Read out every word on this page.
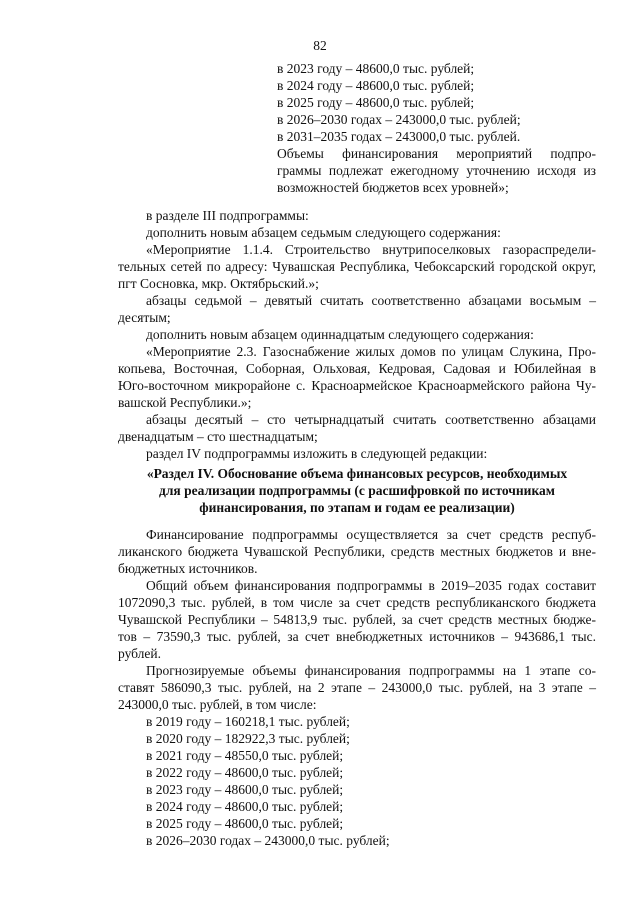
82
в 2023 году – 48600,0 тыс. рублей;
в 2024 году – 48600,0 тыс. рублей;
в 2025 году – 48600,0 тыс. рублей;
в 2026–2030 годах – 243000,0 тыс. рублей;
в 2031–2035 годах – 243000,0 тыс. рублей.
Объемы финансирования мероприятий подпро-
граммы подлежат ежегодному уточнению исходя из
возможностей бюджетов всех уровней»;
в разделе III подпрограммы:
дополнить новым абзацем седьмым следующего содержания:
«Мероприятие 1.1.4. Строительство внутрипоселковых газораспредели-
тельных сетей по адресу: Чувашская Республика, Чебоксарский городской округ,
пгт Сосновка, мкр. Октябрьский.»;
абзацы седьмой – девятый считать соответственно абзацами восьмым –
десятым;
дополнить новым абзацем одиннадцатым следующего содержания:
«Мероприятие 2.3. Газоснабжение жилых домов по улицам Слукина, Про-
копьева, Восточная, Соборная, Ольховая, Кедровая, Садовая и Юбилейная в
Юго-восточном микрорайоне с. Красноармейское Красноармейского района Чу-
вашской Республики.»;
абзацы десятый – сто четырнадцатый считать соответственно абзацами
двенадцатым – сто шестнадцатым;
раздел IV подпрограммы изложить в следующей редакции:
«Раздел IV. Обоснование объема финансовых ресурсов, необходимых
для реализации подпрограммы (с расшифровкой по источникам
финансирования, по этапам и годам ее реализации)
Финансирование подпрограммы осуществляется за счет средств респуб-
ликанского бюджета Чувашской Республики, средств местных бюджетов и вне-
бюджетных источников.
Общий объем финансирования подпрограммы в 2019–2035 годах составит
1072090,3 тыс. рублей, в том числе за счет средств республиканского бюджета
Чувашской Республики – 54813,9 тыс. рублей, за счет средств местных бюдже-
тов – 73590,3 тыс. рублей, за счет внебюджетных источников – 943686,1 тыс.
рублей.
Прогнозируемые объемы финансирования подпрограммы на 1 этапе со-
ставят 586090,3 тыс. рублей, на 2 этапе – 243000,0 тыс. рублей, на 3 этапе –
243000,0 тыс. рублей, в том числе:
в 2019 году – 160218,1 тыс. рублей;
в 2020 году – 182922,3 тыс. рублей;
в 2021 году – 48550,0 тыс. рублей;
в 2022 году – 48600,0 тыс. рублей;
в 2023 году – 48600,0 тыс. рублей;
в 2024 году – 48600,0 тыс. рублей;
в 2025 году – 48600,0 тыс. рублей;
в 2026–2030 годах – 243000,0 тыс. рублей;
